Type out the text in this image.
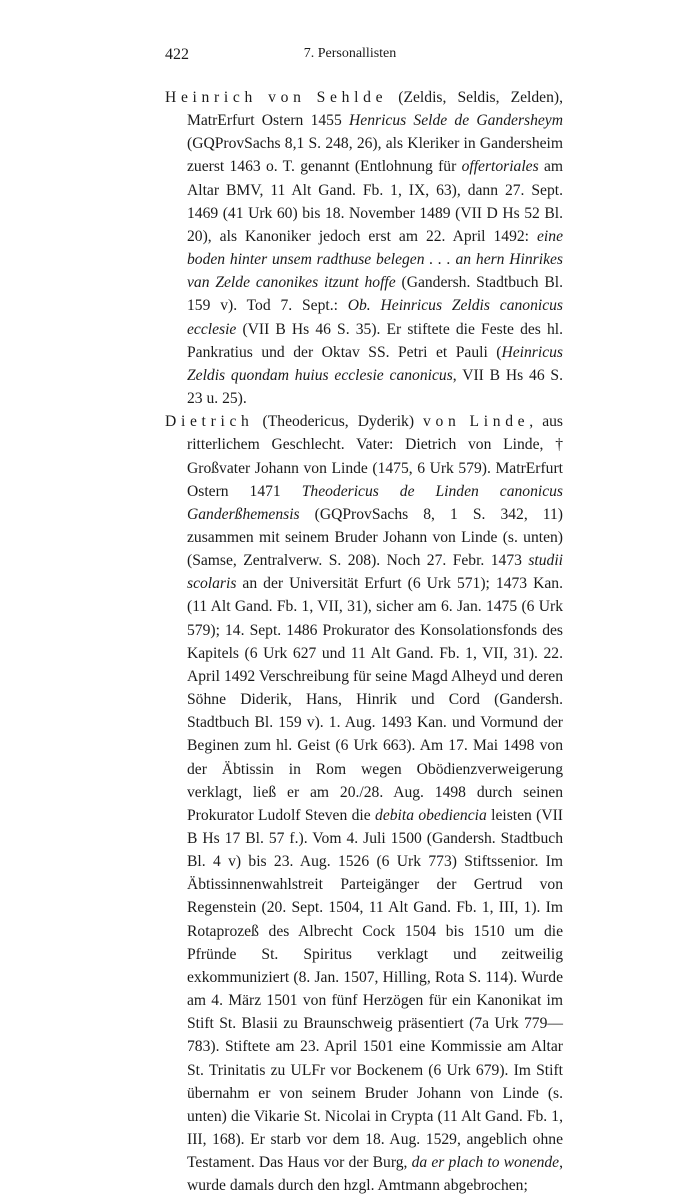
422	7. Personallisten

Heinrich von Sehlde (Zeldis, Seldis, Zelden), MatrErfurt Ostern 1455 Henricus Selde de Gandersheym (GQProvSachs 8,1 S. 248, 26), als Kleriker in Gandersheim zuerst 1463 o. T. genannt (Entlohnung für offertoriales am Altar BMV, 11 Alt Gand. Fb. 1, IX, 63), dann 27. Sept. 1469 (41 Urk 60) bis 18. November 1489 (VII D Hs 52 Bl. 20), als Kanoniker jedoch erst am 22. April 1492: eine boden hinter unsem radthuse belegen . . . an hern Hinrikes van Zelde canonikes itzunt hoffe (Gandersh. Stadtbuch Bl. 159 v). Tod 7. Sept.: Ob. Heinricus Zeldis canonicus ecclesie (VII B Hs 46 S. 35). Er stiftete die Feste des hl. Pankratius und der Oktav SS. Petri et Pauli (Heinricus Zeldis quondam huius ecclesie canonicus, VII B Hs 46 S. 23 u. 25).

Dietrich (Theodericus, Dyderik) von Linde, aus ritterlichem Geschlecht. Vater: Dietrich von Linde, † Großvater Johann von Linde (1475, 6 Urk 579). MatrErfurt Ostern 1471 Theodericus de Linden canonicus Ganderßhemensis (GQProvSachs 8, 1 S. 342, 11) zusammen mit seinem Bruder Johann von Linde (s. unten) (Samse, Zentralverw. S. 208). Noch 27. Febr. 1473 studii scolaris an der Universität Erfurt (6 Urk 571); 1473 Kan. (11 Alt Gand. Fb. 1, VII, 31), sicher am 6. Jan. 1475 (6 Urk 579); 14. Sept. 1486 Prokurator des Konsolationsfonds des Kapitels (6 Urk 627 und 11 Alt Gand. Fb. 1, VII, 31). 22. April 1492 Verschreibung für seine Magd Alheyd und deren Söhne Diderik, Hans, Hinrik und Cord (Gandersh. Stadtbuch Bl. 159 v). 1. Aug. 1493 Kan. und Vormund der Beginen zum hl. Geist (6 Urk 663). Am 17. Mai 1498 von der Äbtissin in Rom wegen Obödienzverweigerung verklagt, ließ er am 20./28. Aug. 1498 durch seinen Prokurator Ludolf Steven die debita obediencia leisten (VII B Hs 17 Bl. 57 f.). Vom 4. Juli 1500 (Gandersh. Stadtbuch Bl. 4 v) bis 23. Aug. 1526 (6 Urk 773) Stiftssenior. Im Äbtissinnenwahlstreit Parteigänger der Gertrud von Regenstein (20. Sept. 1504, 11 Alt Gand. Fb. 1, III, 1). Im Rotaprozeß des Albrecht Cock 1504 bis 1510 um die Pfründe St. Spiritus verklagt und zeitweilig exkommuniziert (8. Jan. 1507, Hilling, Rota S. 114). Wurde am 4. März 1501 von fünf Herzögen für ein Kanonikat im Stift St. Blasii zu Braunschweig präsentiert (7a Urk 779—783). Stiftete am 23. April 1501 eine Kommissie am Altar St. Trinitatis zu ULFr vor Bockenem (6 Urk 679). Im Stift übernahm er von seinem Bruder Johann von Linde (s. unten) die Vikarie St. Nicolai in Crypta (11 Alt Gand. Fb. 1, III, 168). Er starb vor dem 18. Aug. 1529, angeblich ohne Testament. Das Haus vor der Burg, da er plach to wonende, wurde damals durch den hzgl. Amtmann abgebrochen;
